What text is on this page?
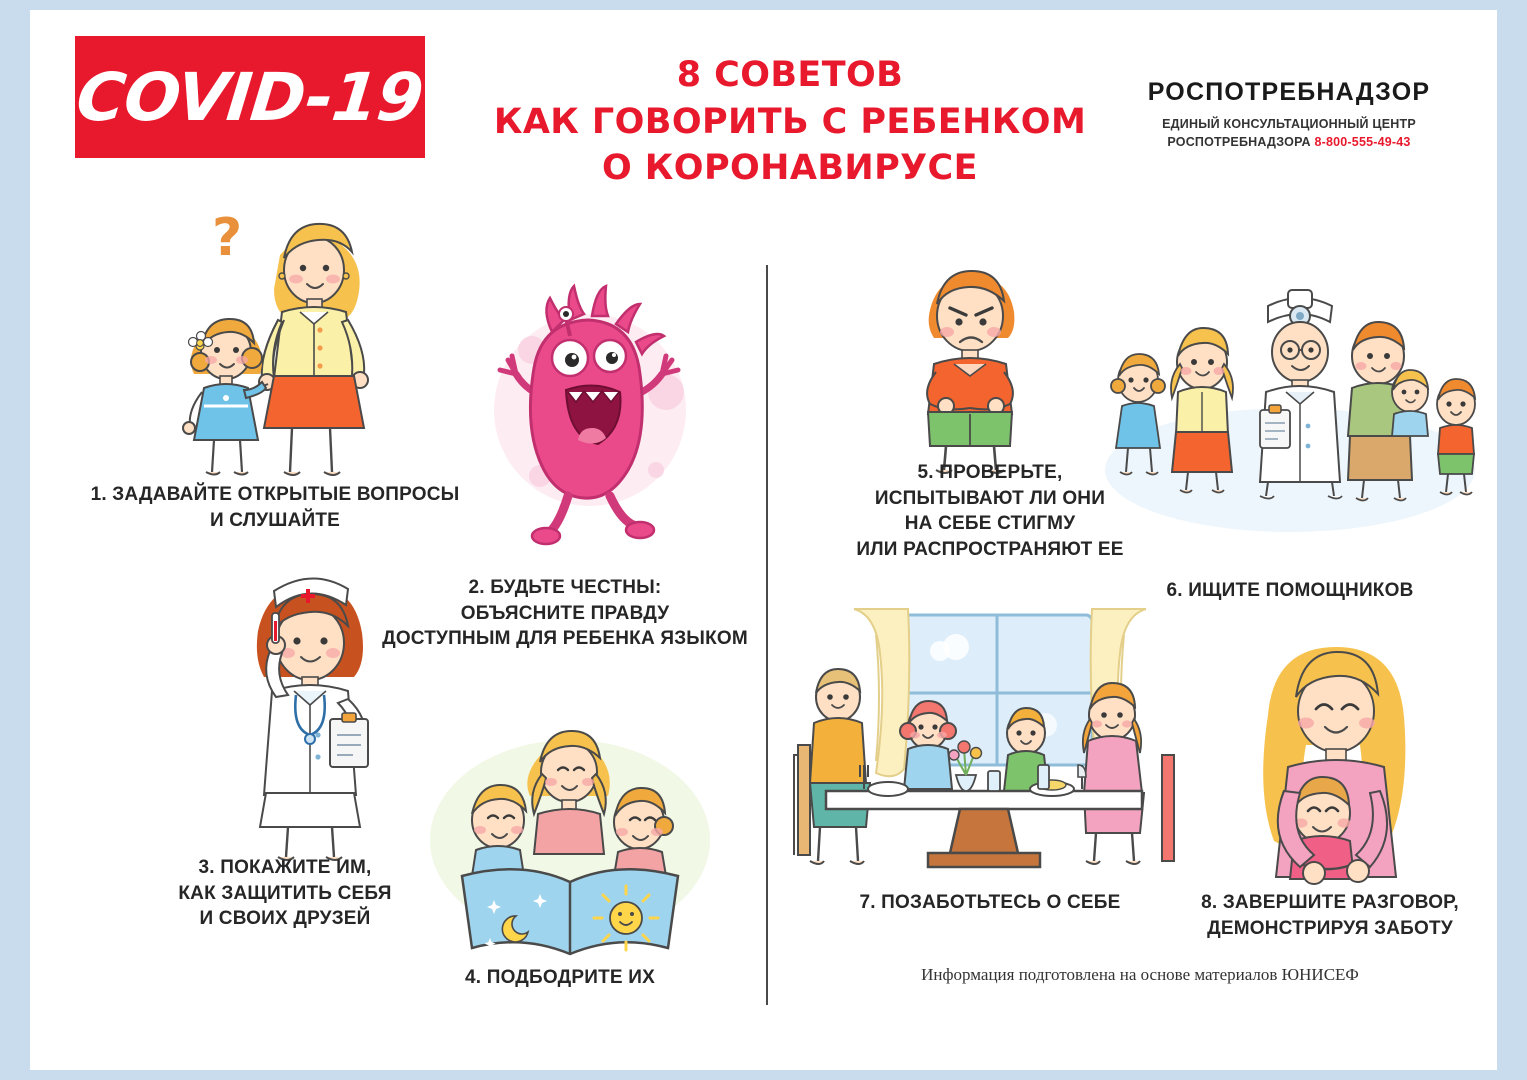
COVID-19	8 СОВЕТОВ
КАК ГОВОРИТЬ С РЕБЕНКОМ
О КОРОНАВИРУСЕ
РОСПОТРЕБНАДЗОР
ЕДИНЫЙ КОНСУЛЬТАЦИОННЫЙ ЦЕНТР
РОСПОТРЕБНАДЗОРА 8-800-555-49-43
?
1. ЗАДАВАЙТЕ ОТКРЫТЫЕ ВОПРОСЫ
И СЛУШАЙТЕ
2. БУДЬТЕ ЧЕСТНЫ:
ОБЪЯСНИТЕ ПРАВДУ
ДОСТУПНЫМ ДЛЯ РЕБЕНКА ЯЗЫКОМ
3. ПОКАЖИТЕ ИМ,
КАК ЗАЩИТИТЬ СЕБЯ
И СВОИХ ДРУЗЕЙ
4. ПОДБОДРИТЕ ИХ
5. ПРОВЕРЬТЕ,
ИСПЫТЫВАЮТ ЛИ ОНИ
НА СЕБЕ СТИГМУ
ИЛИ РАСПРОСТРАНЯЮТ ЕЕ
6. ИЩИТЕ ПОМОЩНИКОВ
7. ПОЗАБОТЬТЕСЬ О СЕБЕ	8. ЗАВЕРШИТЕ РАЗГОВОР,
ДЕМОНСТРИРУЯ ЗАБОТУ
Информация подготовлена на основе материалов ЮНИСЕФ
